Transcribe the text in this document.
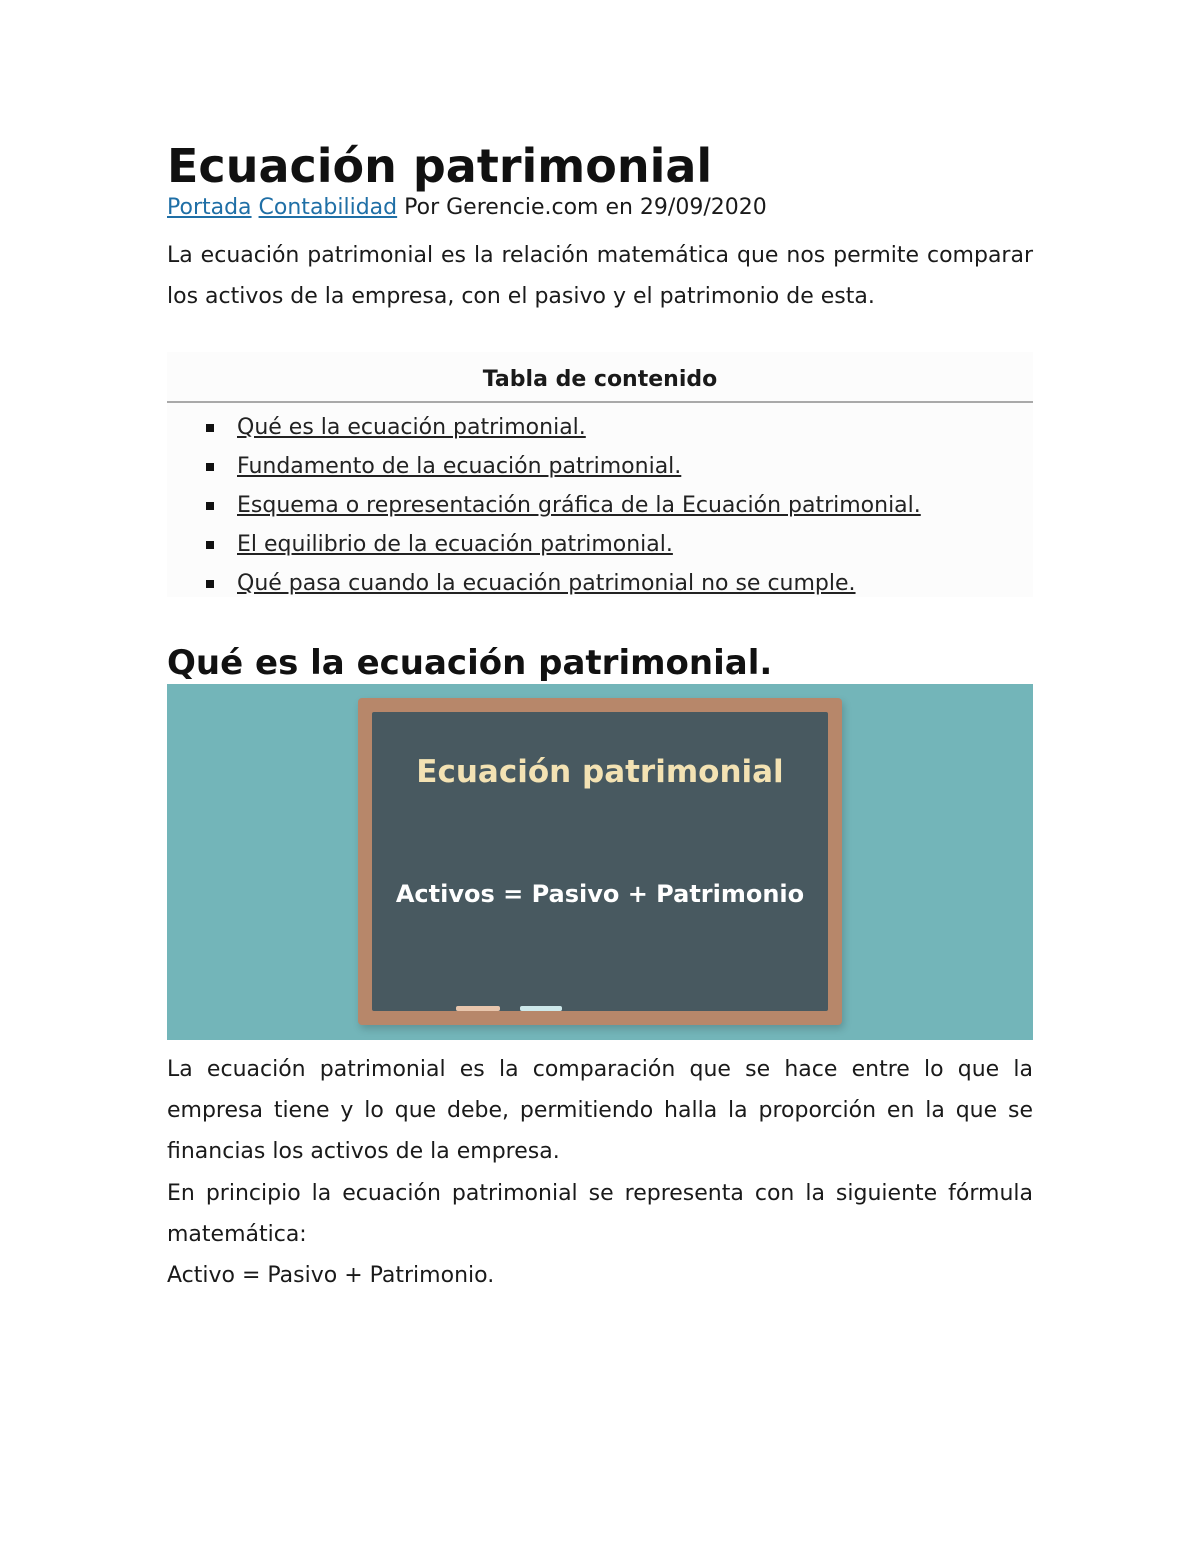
Ecuación patrimonial
Portada Contabilidad Por Gerencie.com en 29/09/2020

La ecuación patrimonial es la relación matemática que nos permite comparar los activos de la empresa, con el pasivo y el patrimonio de esta.

Tabla de contenido
Qué es la ecuación patrimonial.
Fundamento de la ecuación patrimonial.
Esquema o representación gráfica de la Ecuación patrimonial.
El equilibrio de la ecuación patrimonial.
Qué pasa cuando la ecuación patrimonial no se cumple.
Qué es la ecuación patrimonial.
Ecuación patrimonial
Activos = Pasivo + Patrimonio

La ecuación patrimonial es la comparación que se hace entre lo que la empresa tiene y lo que debe, permitiendo halla la proporción en la que se financias los activos de la empresa.

En principio la ecuación patrimonial se representa con la siguiente fórmula matemática:

Activo = Pasivo + Patrimonio.
